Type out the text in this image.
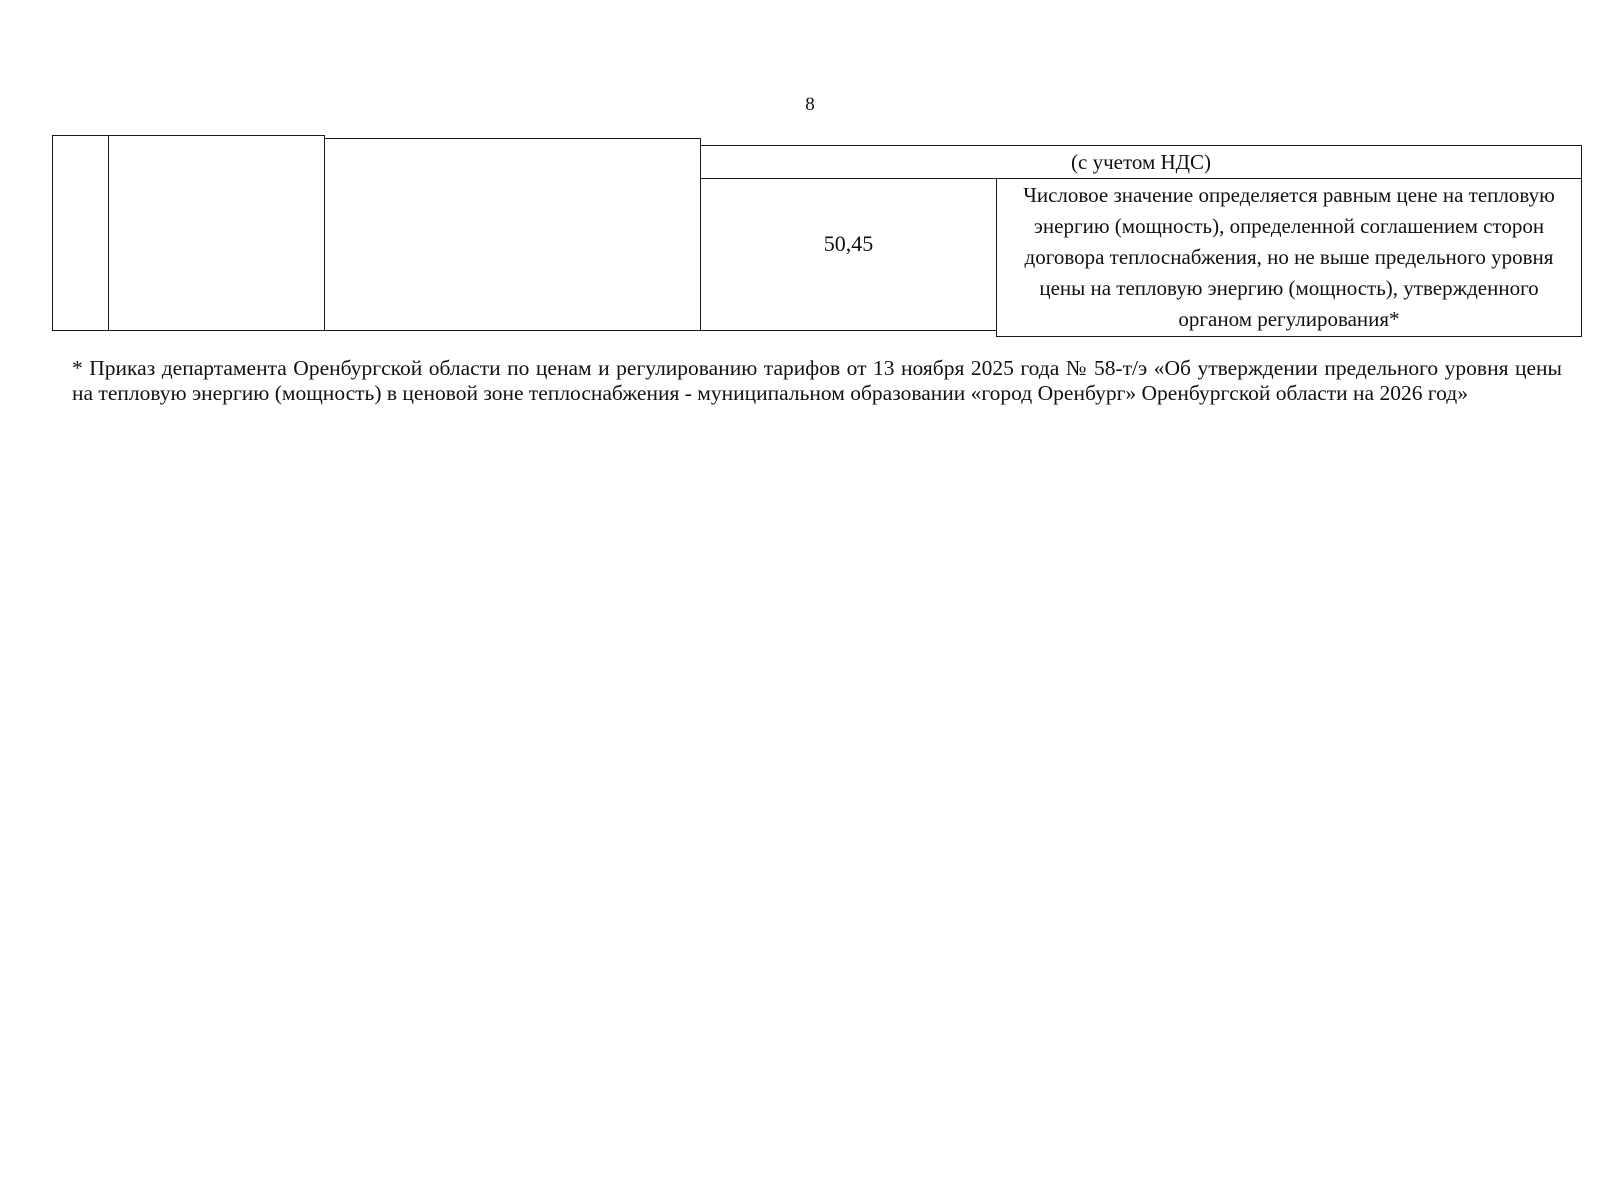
8
(с учетом НДС)
50,45
Числовое значение определяется равным цене на тепловую энергию (мощность), определенной соглашением сторон договора теплоснабжения, но не выше предельного уровня цены на тепловую энергию (мощность), утвержденного органом регулирования*
* Приказ департамента Оренбургской области по ценам и регулированию тарифов от 13 ноября 2025 года № 58-т/э «Об утверждении предельного уровня цены на тепловую энергию (мощность) в ценовой зоне теплоснабжения - муниципальном образовании «город Оренбург» Оренбургской области на 2026 год»
